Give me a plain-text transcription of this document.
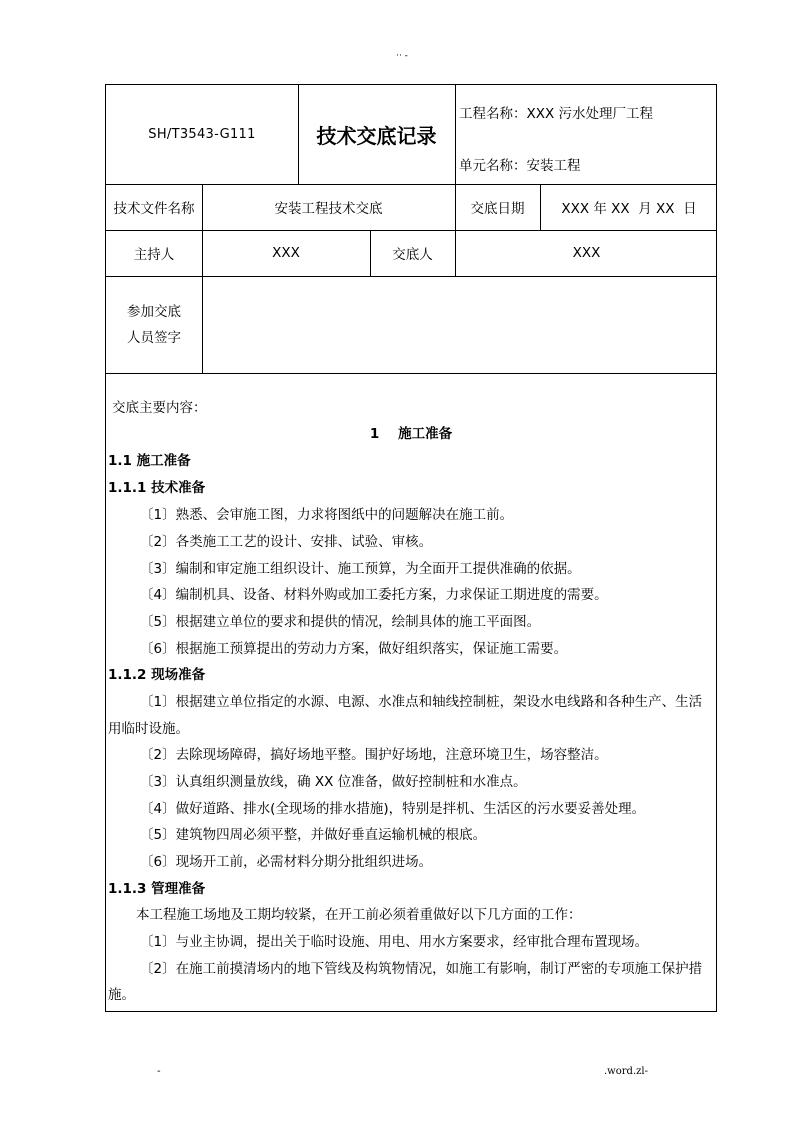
·· -
SH/T3543-G111	技术交底记录
工程名称：XXX 污水处理厂工程
单元名称：安装工程
技术文件名称	安装工程技术交底	交底日期	XXX 年 XX  月 XX  日
主持人	XXX	交底人	XXX
参加交底
人员签字
交底主要内容：
1    施工准备
1.1 施工准备
1.1.1 技术准备
〔1〕熟悉、会审施工图，力求将图纸中的问题解决在施工前。
〔2〕各类施工工艺的设计、安排、试验、审核。
〔3〕编制和审定施工组织设计、施工预算，为全面开工提供准确的依据。
〔4〕编制机具、设备、材料外购或加工委托方案，力求保证工期进度的需要。
〔5〕根据建立单位的要求和提供的情况，绘制具体的施工平面图。
〔6〕根据施工预算提出的劳动力方案，做好组织落实，保证施工需要。
1.1.2 现场准备
〔1〕根据建立单位指定的水源、电源、水准点和轴线控制桩，架设水电线路和各种生产、生活
用临时设施。
〔2〕去除现场障碍，搞好场地平整。围护好场地，注意环境卫生，场容整洁。
〔3〕认真组织测量放线，确 XX 位准备，做好控制桩和水准点。
〔4〕做好道路、排水(全现场的排水措施)，特别是拌机、生活区的污水要妥善处理。
〔5〕建筑物四周必须平整，并做好垂直运输机械的根底。
〔6〕现场开工前，必需材料分期分批组织进场。
1.1.3 管理准备
本工程施工场地及工期均较紧，在开工前必须着重做好以下几方面的工作：
〔1〕与业主协调，提出关于临时设施、用电、用水方案要求，经审批合理布置现场。
〔2〕在施工前摸清场内的地下管线及构筑物情况，如施工有影响，制订严密的专项施工保护措
施。
-	.word.zl-
